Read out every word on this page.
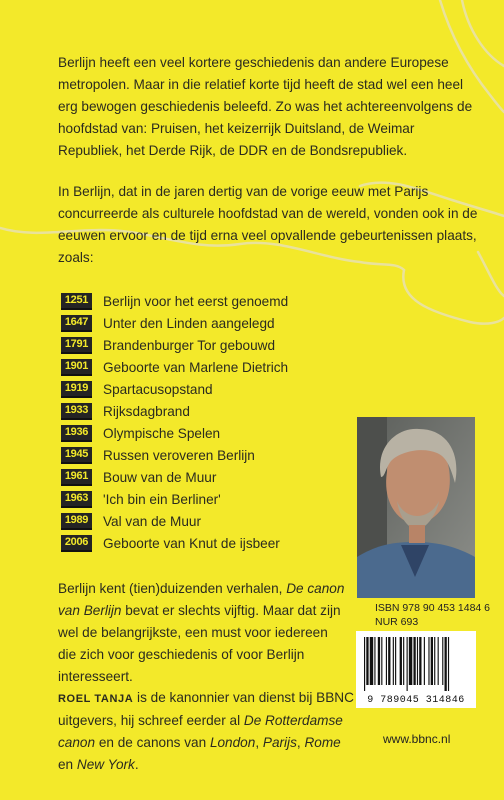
Berlijn heeft een veel kortere geschiedenis dan andere Europese metropolen. Maar in die relatief korte tijd heeft de stad wel een heel erg bewogen geschiedenis beleefd. Zo was het achtereenvolgens de hoofdstad van: Pruisen, het keizerrijk Duitsland, de Weimar Republiek, het Derde Rijk, de DDR en de Bondsrepubliek.

In Berlijn, dat in de jaren dertig van de vorige eeuw met Parijs concurreerde als culturele hoofdstad van de wereld, vonden ook in de eeuwen ervoor en de tijd erna veel opvallende gebeurtenissen plaats, zoals:

1251 Berlijn voor het eerst genoemd
1647 Unter den Linden aangelegd
1791 Brandenburger Tor gebouwd
1901 Geboorte van Marlene Dietrich
1919 Spartacusopstand
1933 Rijksdagbrand
1936 Olympische Spelen
1945 Russen veroveren Berlijn
1961 Bouw van de Muur
1963 'Ich bin ein Berliner'
1989 Val van de Muur
2006 Geboorte van Knut de ijsbeer

Berlijn kent (tien)duizenden verhalen, De canon van Berlijn bevat er slechts vijftig. Maar dat zijn wel de belangrijkste, een must voor iedereen die zich voor geschiedenis of voor Berlijn interesseert.

ROEL TANJA is de kanonnier van dienst bij BBNC uitgevers, hij schreef eerder al De Rotterdamse canon en de canons van London, Parijs, Rome en New York.

ISBN 978 90 453 1484 6
NUR 693
9 789045 314846
www.bbnc.nl
